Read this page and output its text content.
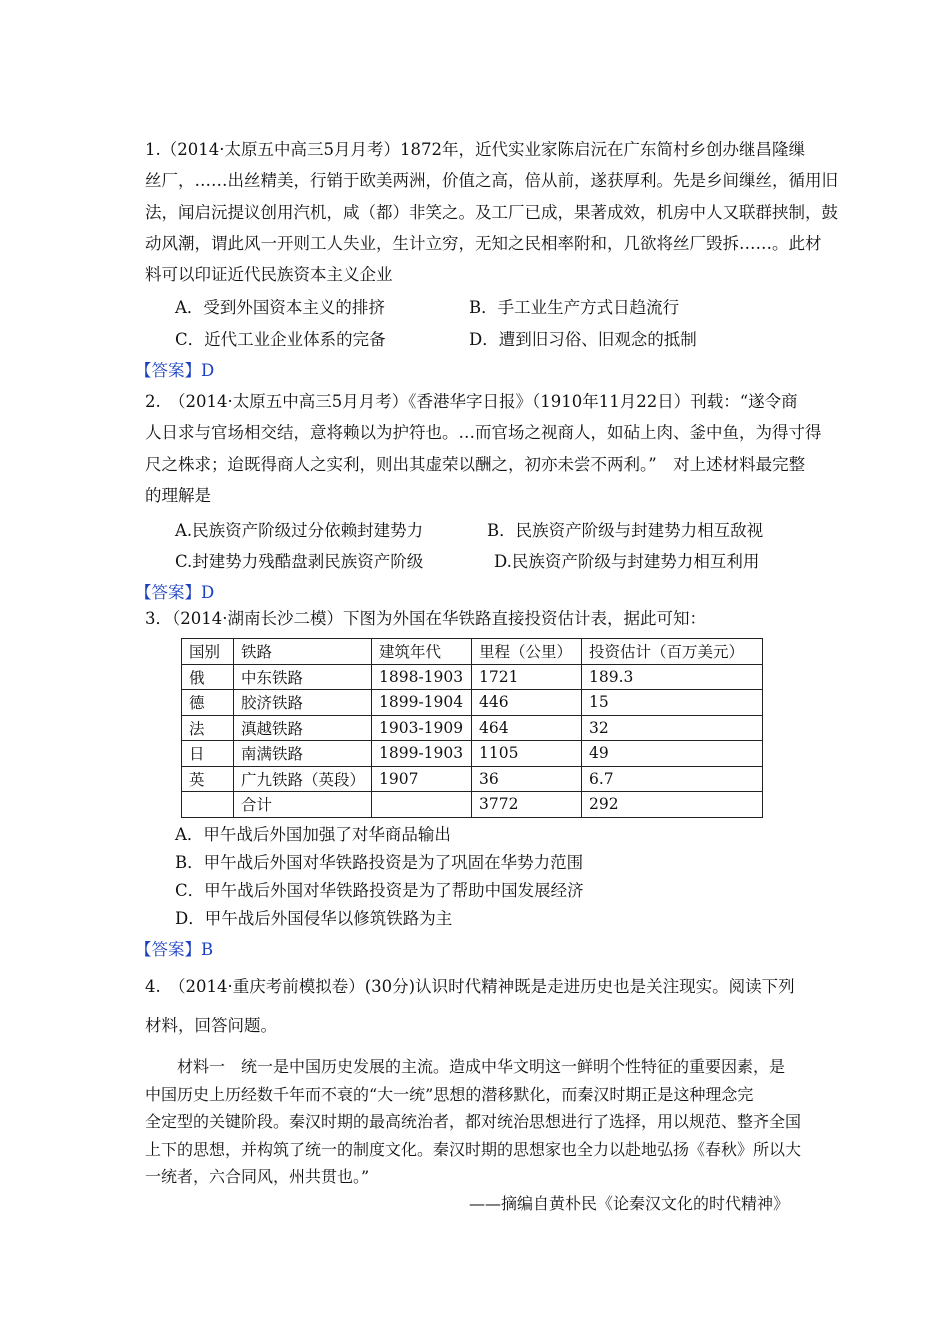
1.（2014·太原五中高三5月月考）1872年，近代实业家陈启沅在广东简村乡创办继昌隆缫
丝厂，……出丝精美，行销于欧美两洲，价值之高，倍从前，遂获厚利。先是乡间缫丝，循用旧
法，闻启沅提议创用汽机，咸（都）非笑之。及工厂已成，果著成效，机房中人又联群挟制，鼓
动风潮，谓此风一开则工人失业，生计立穷，无知之民相率附和，几欲将丝厂毁拆……。此材
料可以印证近代民族资本主义企业
A．受到外国资本主义的排挤	B．手工业生产方式日趋流行
C．近代工业企业体系的完备	D．遭到旧习俗、旧观念的抵制
【答案】D
2.　（2014·太原五中高三5月月考）《香港华字日报》（1910年11月22日）刊载：“遂令商
人日求与官场相交结，意将赖以为护符也。…而官场之视商人，如砧上肉、釜中鱼，为得寸得
尺之株求；迨既得商人之实利，则出其虚荣以酬之，初亦未尝不两利。”　对上述材料最完整
的理解是
A.民族资产阶级过分依赖封建势力	B．民族资产阶级与封建势力相互敌视
C.封建势力残酷盘剥民族资产阶级	D.民族资产阶级与封建势力相互利用
【答案】D
3．（2014·湖南长沙二模）下图为外国在华铁路直接投资估计表，据此可知：
国别	铁路	建筑年代	里程（公里）	投资估计（百万美元）
俄	中东铁路	1898-1903	1721	189.3
德	胶济铁路	1899-1904	446	15
法	滇越铁路	1903-1909	464	32
日	南满铁路	1899-1903	1105	49
英	广九铁路（英段）	1907	36	6.7
	合计		3772	292
A．甲午战后外国加强了对华商品输出
B．甲午战后外国对华铁路投资是为了巩固在华势力范围
C．甲午战后外国对华铁路投资是为了帮助中国发展经济
D．甲午战后外国侵华以修筑铁路为主
【答案】B
4.　（2014·重庆考前模拟卷）(30分)认识时代精神既是走进历史也是关注现实。阅读下列
材料，回答问题。
　　材料一　统一是中国历史发展的主流。造成中华文明这一鲜明个性特征的重要因素，是
中国历史上历经数千年而不衰的“大一统”思想的潜移默化，而秦汉时期正是这种理念完
全定型的关键阶段。秦汉时期的最高统治者，都对统治思想进行了选择，用以规范、整齐全国
上下的思想，并构筑了统一的制度文化。秦汉时期的思想家也全力以赴地弘扬《春秋》所以大
一统者，六合同风，州共贯也。”
——摘编自黄朴民《论秦汉文化的时代精神》
